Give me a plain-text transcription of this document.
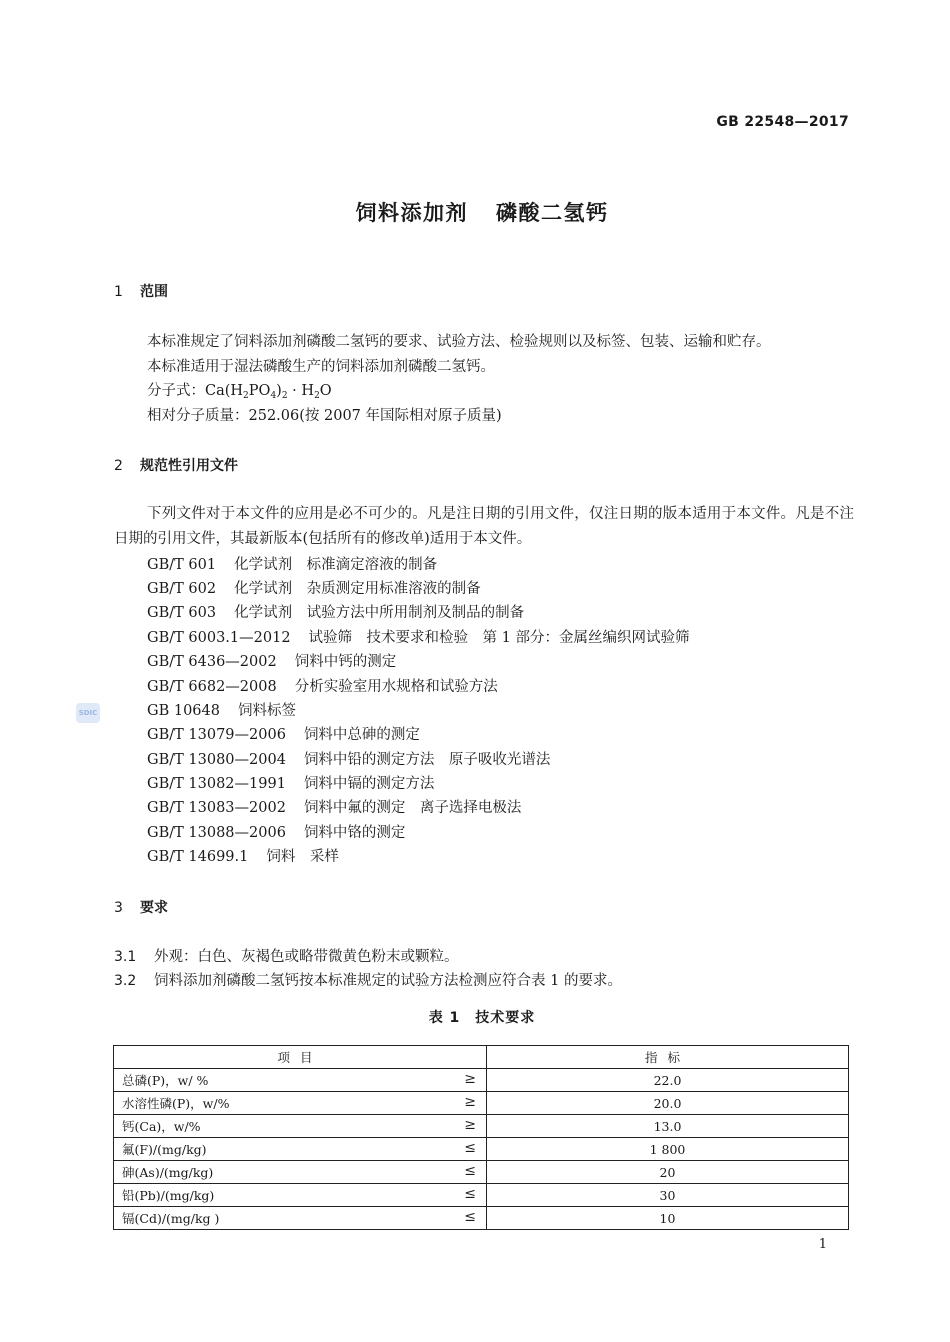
GB 22548—2017
饲料添加剂 磷酸二氢钙
1 范围
本标准规定了饲料添加剂磷酸二氢钙的要求、试验方法、检验规则以及标签、包装、运输和贮存。
本标准适用于湿法磷酸生产的饲料添加剂磷酸二氢钙。
分子式：$Ca(H_2PO_4)_2 \cdot H_2O$
相对分子质量：252.06(按 2007 年国际相对原子质量)
2 规范性引用文件
下列文件对于本文件的应用是必不可少的。凡是注日期的引用文件，仅注日期的版本适用于本文件。凡是不注日期的引用文件，其最新版本(包括所有的修改单)适用于本文件。
GB/T 601 化学试剂　标准滴定溶液的制备
GB/T 602 化学试剂　杂质测定用标准溶液的制备
GB/T 603 化学试剂　试验方法中所用制剂及制品的制备
GB/T 6003.1—2012 试验筛　技术要求和检验　第 1 部分：金属丝编织网试验筛
GB/T 6436—2002 饲料中钙的测定
GB/T 6682—2008 分析实验室用水规格和试验方法
GB 10648 饲料标签
GB/T 13079—2006 饲料中总砷的测定
GB/T 13080—2004 饲料中铅的测定方法　原子吸收光谱法
GB/T 13082—1991 饲料中镉的测定方法
GB/T 13083—2002 饲料中氟的测定　离子选择电极法
GB/T 13088—2006 饲料中铬的测定
GB/T 14699.1 饲料　采样
SDIC
3 要求
3.1 外观：白色、灰褐色或略带微黄色粉末或颗粒。
3.2 饲料添加剂磷酸二氢钙按本标准规定的试验方法检测应符合表 1 的要求。
表 1　技术要求
项目	指标
总磷(P)，w/ % ≥	22.0
水溶性磷(P)，w/% ≥	20.0
钙(Ca)，w/% ≥	13.0
氟(F)/(mg/kg) ≤	1 800
砷(As)/(mg/kg) ≤	20
铅(Pb)/(mg/kg) ≤	30
镉(Cd)/(mg/kg ) ≤	10
1
